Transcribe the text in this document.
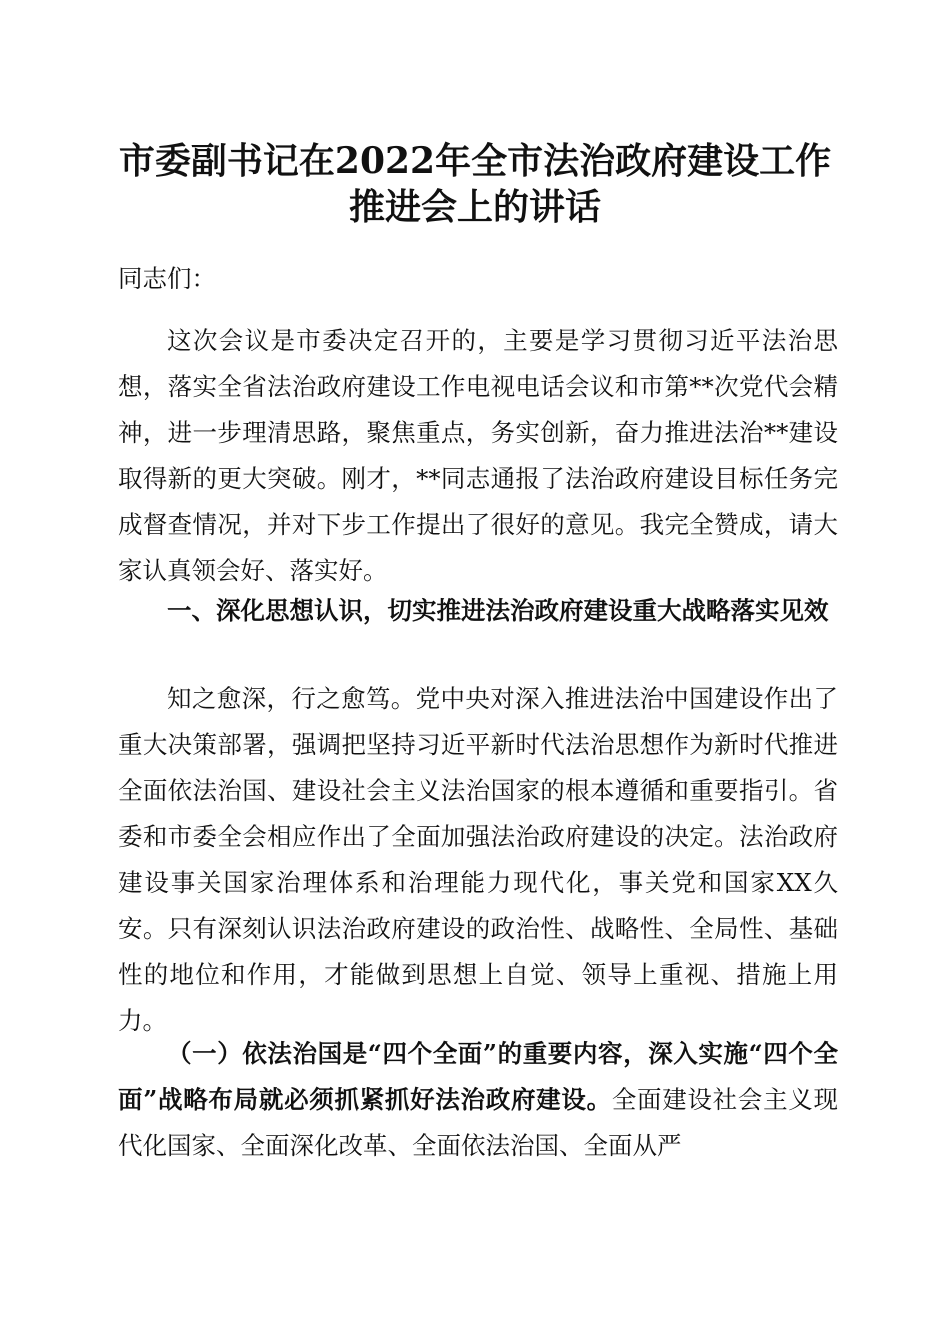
市委副书记在2022年全市法治政府建设工作
推进会上的讲话
同志们：

这次会议是市委决定召开的，主要是学习贯彻习近平法治思想，落实全省法治政府建设工作电视电话会议和市第**次党代会精神，进一步理清思路，聚焦重点，务实创新，奋力推进法治**建设取得新的更大突破。刚才，**同志通报了法治政府建设目标任务完成督查情况，并对下步工作提出了很好的意见。我完全赞成，请大家认真领会好、落实好。

一、深化思想认识，切实推进法治政府建设重大战略落实见效

知之愈深，行之愈笃。党中央对深入推进法治中国建设作出了重大决策部署，强调把坚持习近平新时代法治思想作为新时代推进全面依法治国、建设社会主义法治国家的根本遵循和重要指引。省委和市委全会相应作出了全面加强法治政府建设的决定。法治政府建设事关国家治理体系和治理能力现代化，事关党和国家XX久安。只有深刻认识法治政府建设的政治性、战略性、全局性、基础性的地位和作用，才能做到思想上自觉、领导上重视、措施上用力。

（一）依法治国是“四个全面”的重要内容，深入实施“四个全面”战略布局就必须抓紧抓好法治政府建设。全面建设社会主义现代化国家、全面深化改革、全面依法治国、全面从严
